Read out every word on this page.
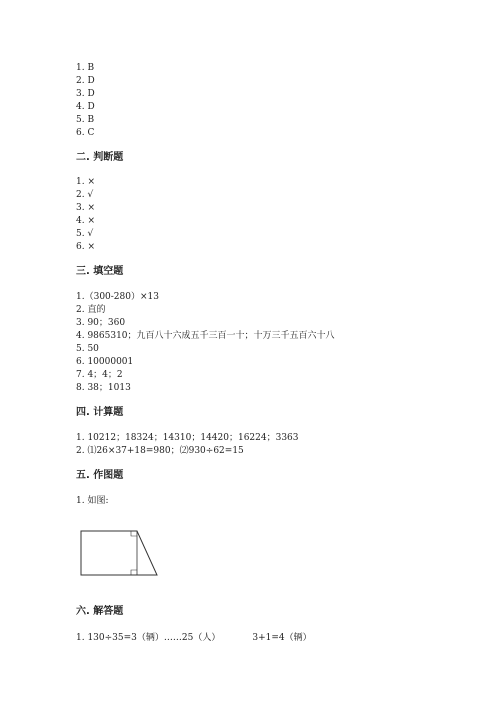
1. B
2. D
3. D
4. D
5. B
6. C
二. 判断题
1. ×
2. √
3. ×
4. ×
5. √
6. ×
三. 填空题
1.（300-280）×13
2. 直的
3. 90；360
4. 9865310；九百八十六成五千三百一十；十万三千五百六十八
5. 50
6. 10000001
7. 4；4；2
8. 38；1013
四. 计算题
1. 10212；18324；14310；14420；16224；3363
2. ⑴26×37+18=980；⑵930÷62=15
五. 作图题
1. 如图:
六. 解答题
1. 130÷35=3（辆）……25（人）	3+1=4（辆）
